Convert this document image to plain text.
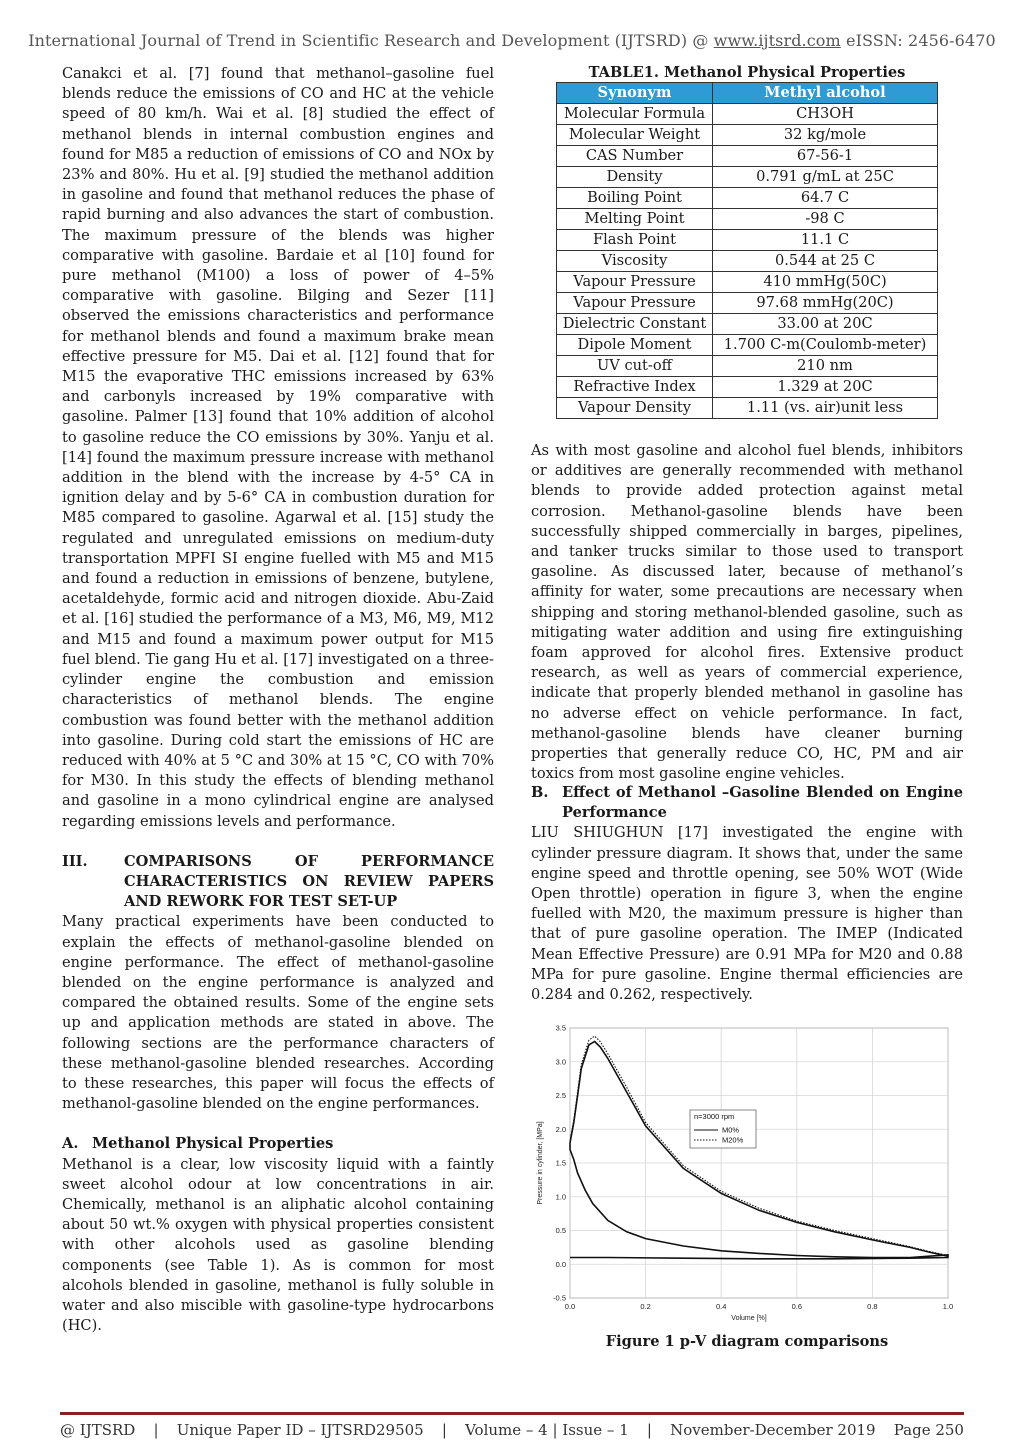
International Journal of Trend in Scientific Research and Development (IJTSRD) @ www.ijtsrd.com eISSN: 2456-6470

Canakci et al. [7] found that methanol–gasoline fuel blends reduce the emissions of CO and HC at the vehicle speed of 80 km/h. Wai et al. [8] studied the effect of methanol blends in internal combustion engines and found for M85 a reduction of emissions of CO and NOx by 23% and 80%. Hu et al. [9] studied the methanol addition in gasoline and found that methanol reduces the phase of rapid burning and also advances the start of combustion. The maximum pressure of the blends was higher comparative with gasoline. Bardaie et al [10] found for pure methanol (M100) a loss of power of 4–5% comparative with gasoline. Bilging and Sezer [11] observed the emissions characteristics and performance for methanol blends and found a maximum brake mean effective pressure for M5. Dai et al. [12] found that for M15 the evaporative THC emissions increased by 63% and carbonyls increased by 19% comparative with gasoline. Palmer [13] found that 10% addition of alcohol to gasoline reduce the CO emissions by 30%. Yanju et al. [14] found the maximum pressure increase with methanol addition in the blend with the increase by 4-5° CA in ignition delay and by 5-6° CA in combustion duration for M85 compared to gasoline. Agarwal et al. [15] study the regulated and unregulated emissions on medium-duty transportation MPFI SI engine fuelled with M5 and M15 and found a reduction in emissions of benzene, butylene, acetaldehyde, formic acid and nitrogen dioxide. Abu-Zaid et al. [16] studied the performance of a M3, M6, M9, M12 and M15 and found a maximum power output for M15 fuel blend. Tie gang Hu et al. [17] investigated on a three-cylinder engine the combustion and emission characteristics of methanol blends. The engine combustion was found better with the methanol addition into gasoline. During cold start the emissions of HC are reduced with 40% at 5 °C and 30% at 15 °C, CO with 70% for M30. In this study the effects of blending methanol and gasoline in a mono cylindrical engine are analysed regarding emissions levels and performance.

III.	COMPARISONS OF PERFORMANCE CHARACTERISTICS ON REVIEW PAPERS AND REWORK FOR TEST SET-UP

Many practical experiments have been conducted to explain the effects of methanol-gasoline blended on engine performance. The effect of methanol-gasoline blended on the engine performance is analyzed and compared the obtained results. Some of the engine sets up and application methods are stated in above. The following sections are the performance characters of these methanol-gasoline blended researches. According to these researches, this paper will focus the effects of methanol-gasoline blended on the engine performances.

A. Methanol Physical Properties

Methanol is a clear, low viscosity liquid with a faintly sweet alcohol odour at low concentrations in air. Chemically, methanol is an aliphatic alcohol containing about 50 wt.% oxygen with physical properties consistent with other alcohols used as gasoline blending components (see Table 1). As is common for most alcohols blended in gasoline, methanol is fully soluble in water and also miscible with gasoline-type hydrocarbons (HC).

TABLE1. Methanol Physical Properties
Synonym	Methyl alcohol
Molecular Formula	CH3OH
Molecular Weight	32 kg/mole
CAS Number	67-56-1
Density	0.791 g/mL at 25C
Boiling Point	64.7 C
Melting Point	-98 C
Flash Point	11.1 C
Viscosity	0.544 at 25 C
Vapour Pressure	410 mmHg(50C)
Vapour Pressure	97.68 mmHg(20C)
Dielectric Constant	33.00 at 20C
Dipole Moment	1.700 C-m(Coulomb-meter)
UV cut-off	210 nm
Refractive Index	1.329 at 20C
Vapour Density	1.11 (vs. air)unit less

As with most gasoline and alcohol fuel blends, inhibitors or additives are generally recommended with methanol blends to provide added protection against metal corrosion. Methanol-gasoline blends have been successfully shipped commercially in barges, pipelines, and tanker trucks similar to those used to transport gasoline. As discussed later, because of methanol’s affinity for water, some precautions are necessary when shipping and storing methanol-blended gasoline, such as mitigating water addition and using fire extinguishing foam approved for alcohol fires. Extensive product research, as well as years of commercial experience, indicate that properly blended methanol in gasoline has no adverse effect on vehicle performance. In fact, methanol-gasoline blends have cleaner burning properties that generally reduce CO, HC, PM and air toxics from most gasoline engine vehicles.

B. Effect of Methanol –Gasoline Blended on Engine Performance

LIU SHIUGHUN [17] investigated the engine with cylinder pressure diagram. It shows that, under the same engine speed and throttle opening, see 50% WOT (Wide Open throttle) operation in figure 3, when the engine fuelled with M20, the maximum pressure is higher than that of pure gasoline operation. The IMEP (Indicated Mean Effective Pressure) are 0.91 MPa for M20 and 0.88 MPa for pure gasoline. Engine thermal efficiencies are 0.284 and 0.262, respectively.

0.0	0.2	0.4	0.6	0.8	1.0
-0.5
0.0
0.5
1.0
1.5
2.0
2.5
3.0
3.5
Volume [%]
Pressure in cylinder, [MPa]
n=3000 rpm
M0%
M20%
Figure 1 p-V diagram comparisons
@ IJTSRD | Unique Paper ID – IJTSRD29505 | Volume – 4 | Issue – 1 | November-December 2019 Page 250
